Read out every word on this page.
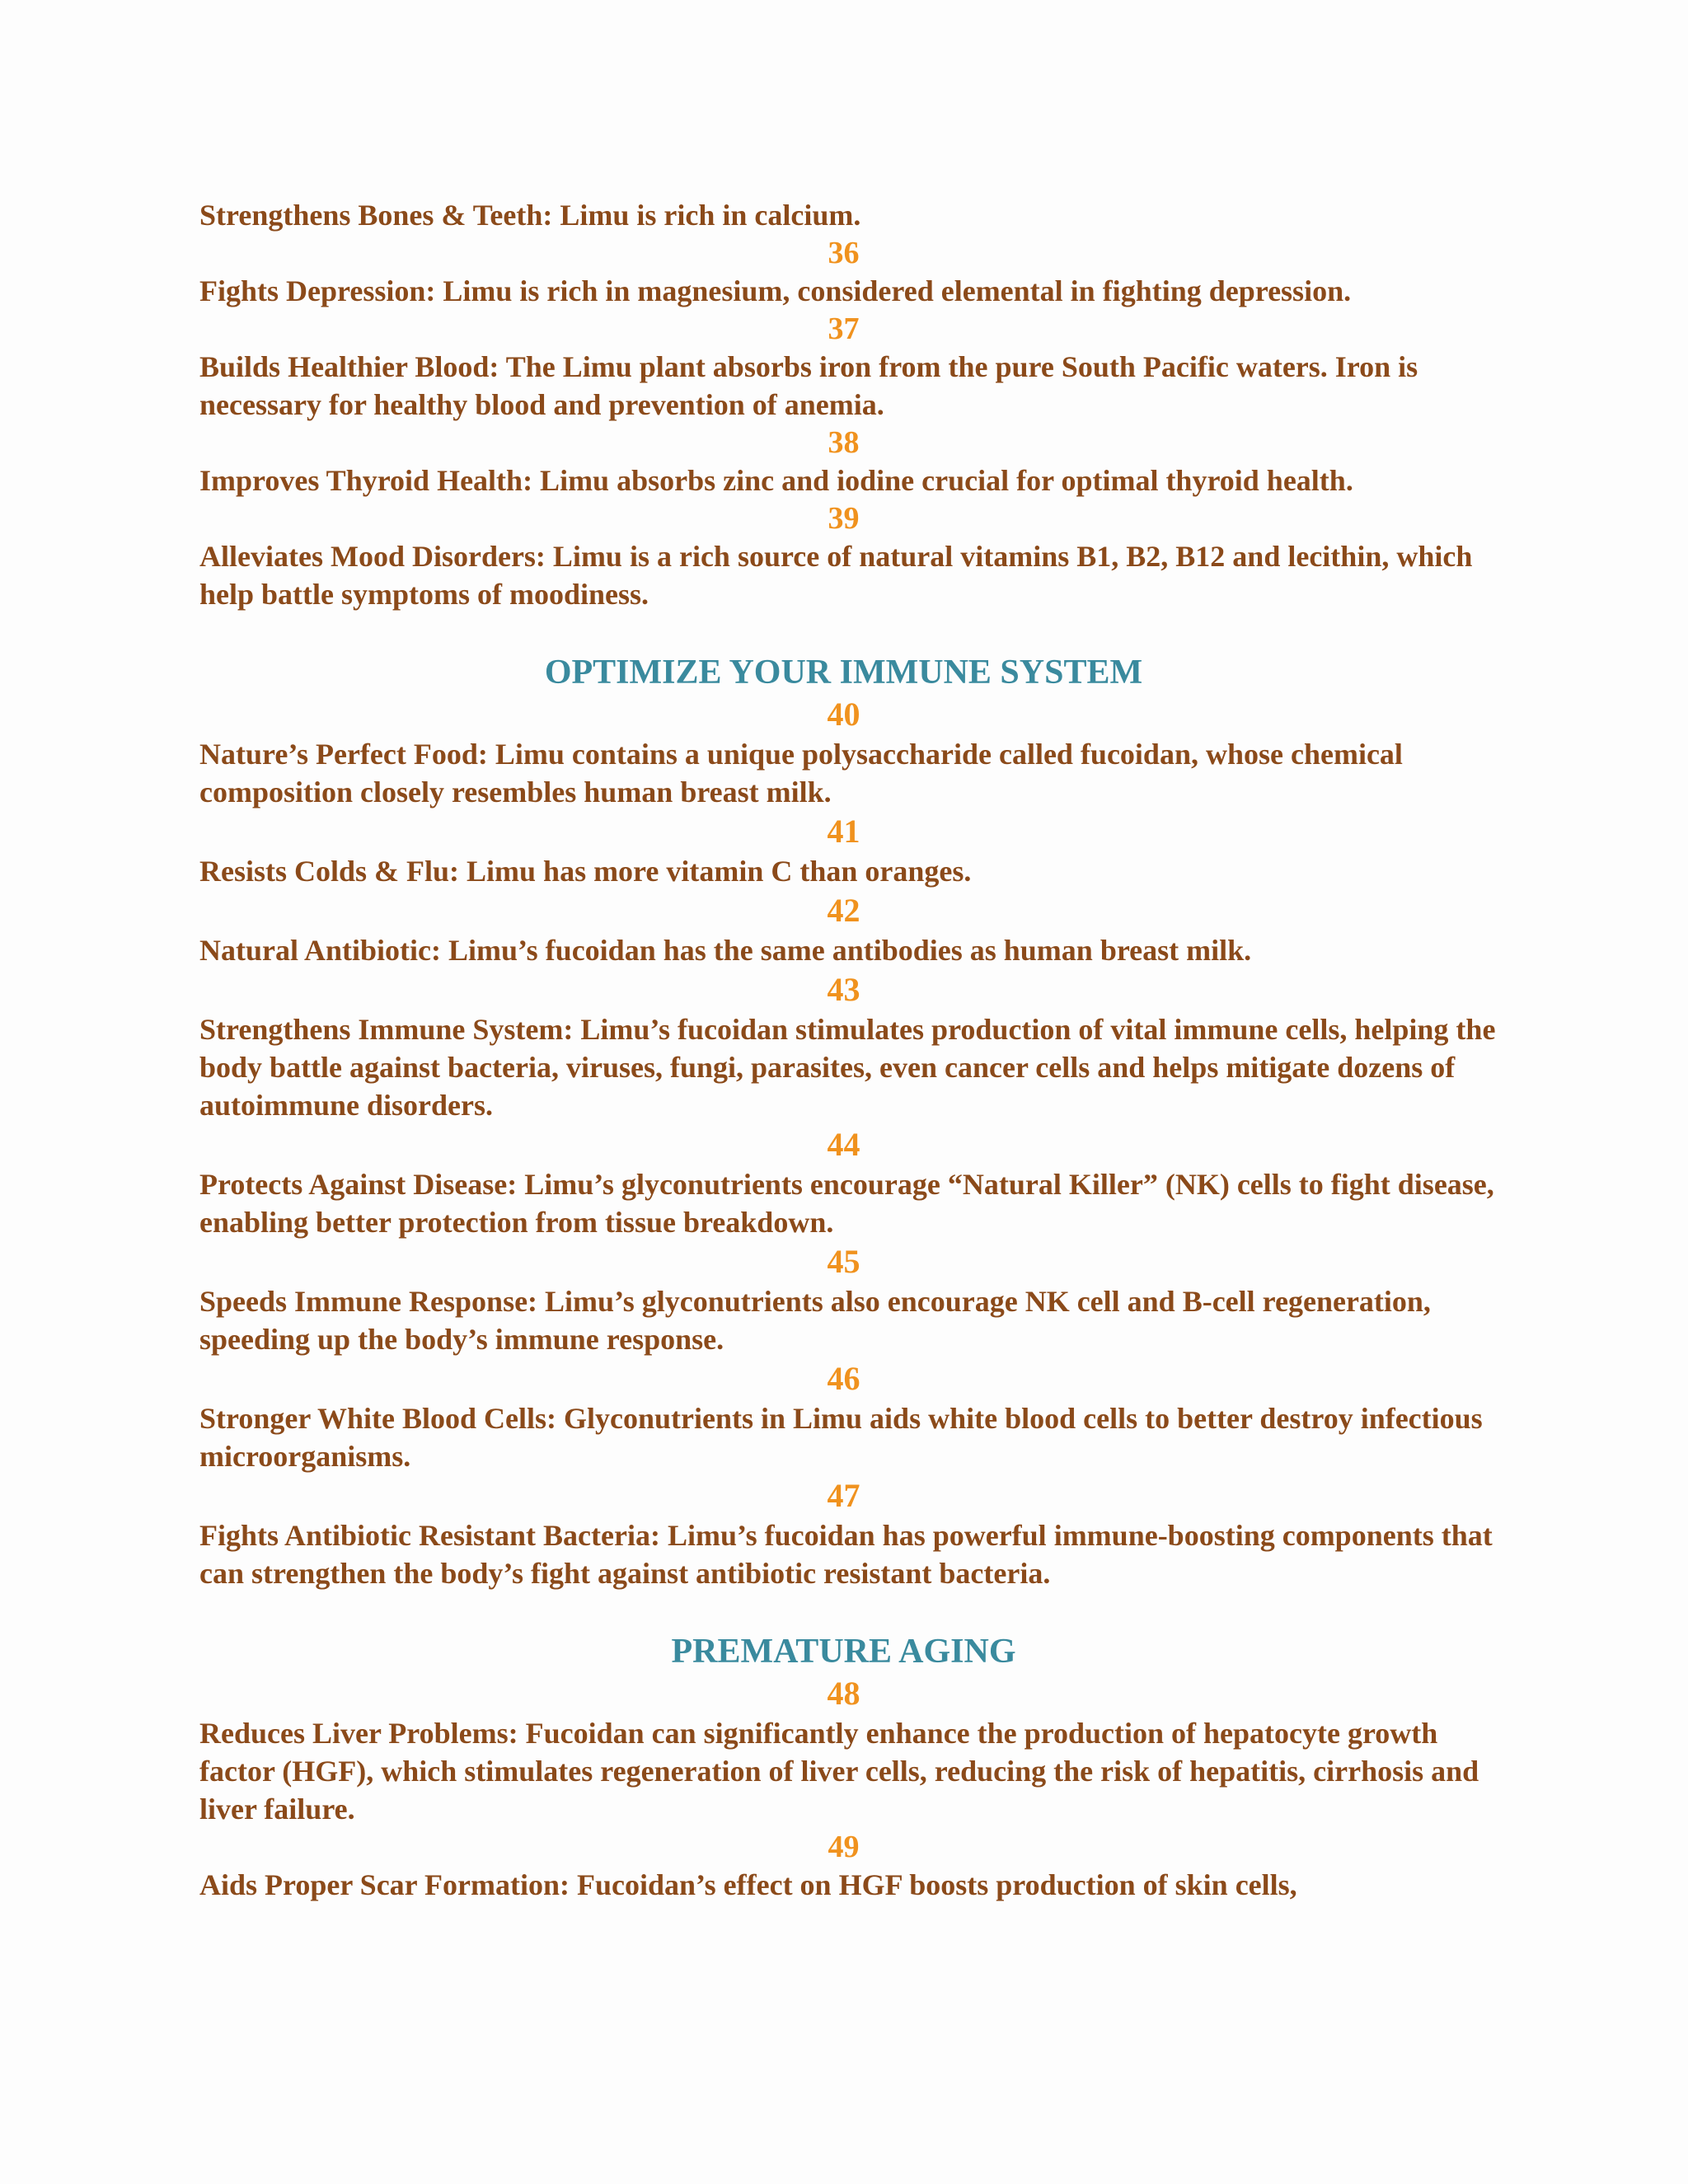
Strengthens Bones & Teeth: Limu is rich in calcium.

36

Fights Depression: Limu is rich in magnesium, considered elemental in fighting depression.

37

Builds Healthier Blood: The Limu plant absorbs iron from the pure South Pacific waters. Iron is necessary for healthy blood and prevention of anemia.

38

Improves Thyroid Health: Limu absorbs zinc and iodine crucial for optimal thyroid health.

39

Alleviates Mood Disorders: Limu is a rich source of natural vitamins B1, B2, B12 and lecithin, which help battle symptoms of moodiness.

OPTIMIZE YOUR IMMUNE SYSTEM

40

Nature’s Perfect Food: Limu contains a unique polysaccharide called fucoidan, whose chemical composition closely resembles human breast milk.

41

Resists Colds & Flu: Limu has more vitamin C than oranges.

42

Natural Antibiotic: Limu’s fucoidan has the same antibodies as human breast milk.

43

Strengthens Immune System: Limu’s fucoidan stimulates production of vital immune cells, helping the body battle against bacteria, viruses, fungi, parasites, even cancer cells and helps mitigate dozens of autoimmune disorders.

44

Protects Against Disease: Limu’s glyconutrients encourage “Natural Killer” (NK) cells to fight disease, enabling better protection from tissue breakdown.

45

Speeds Immune Response: Limu’s glyconutrients also encourage NK cell and B-cell regeneration, speeding up the body’s immune response.

46

Stronger White Blood Cells: Glyconutrients in Limu aids white blood cells to better destroy infectious microorganisms.

47

Fights Antibiotic Resistant Bacteria: Limu’s fucoidan has powerful immune-boosting components that can strengthen the body’s fight against antibiotic resistant bacteria.

PREMATURE AGING

48

Reduces Liver Problems: Fucoidan can significantly enhance the production of hepatocyte growth factor (HGF), which stimulates regeneration of liver cells, reducing the risk of hepatitis, cirrhosis and liver failure.

49

Aids Proper Scar Formation: Fucoidan’s effect on HGF boosts production of skin cells,
